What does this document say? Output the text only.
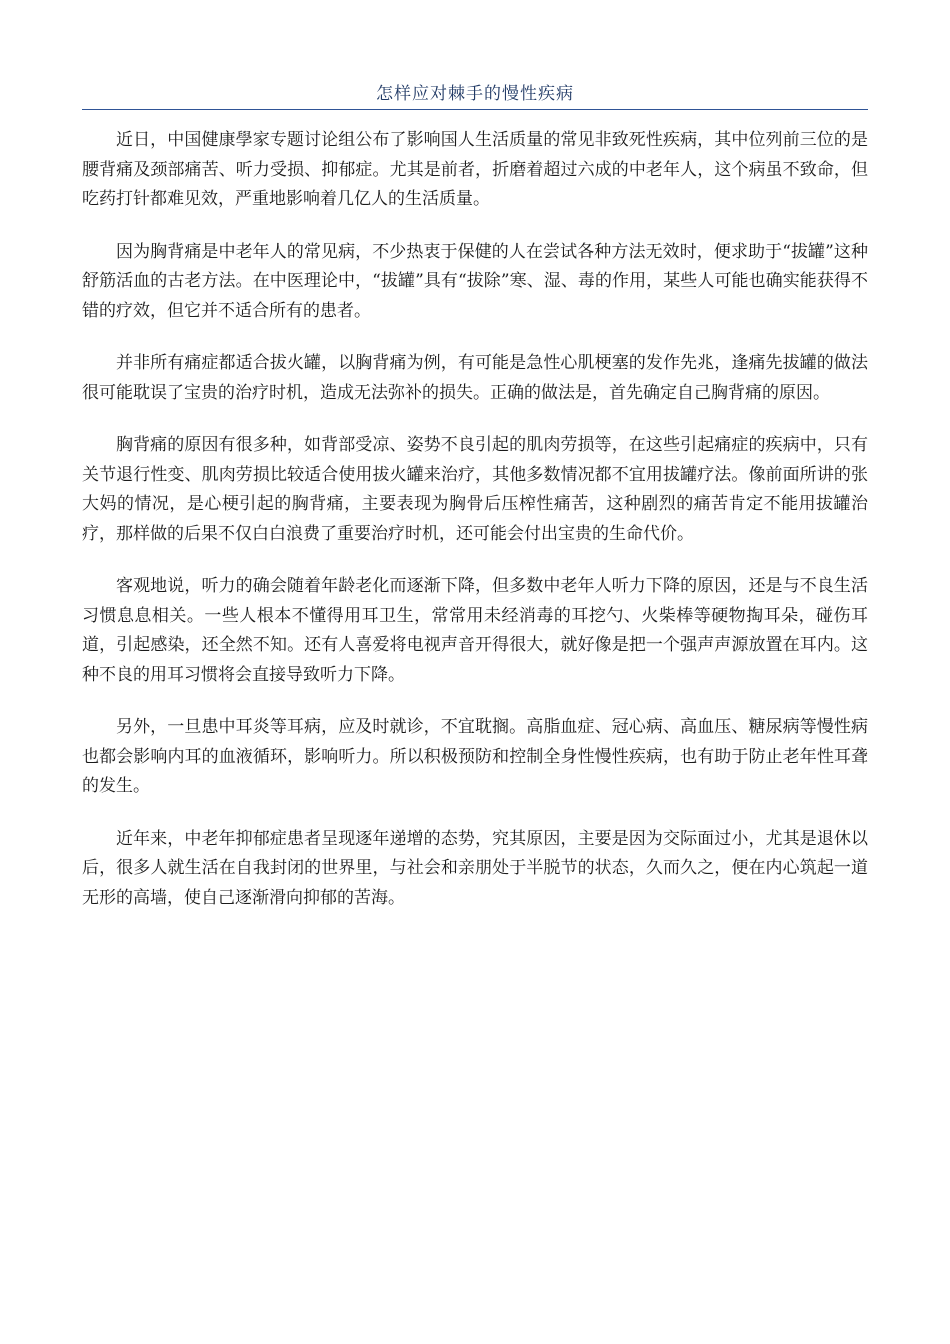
怎样应对棘手的慢性疾病

近日，中国健康學家专题讨论组公布了影响国人生活质量的常见非致死性疾病，其中位列前三位的是腰背痛及颈部痛苦、听力受损、抑郁症。尤其是前者，折磨着超过六成的中老年人，这个病虽不致命，但吃药打针都难见效，严重地影响着几亿人的生活质量。

因为胸背痛是中老年人的常见病，不少热衷于保健的人在尝试各种方法无效时，便求助于“拔罐”这种舒筋活血的古老方法。在中医理论中，“拔罐”具有“拔除”寒、湿、毒的作用，某些人可能也确实能获得不错的疗效，但它并不适合所有的患者。

并非所有痛症都适合拔火罐，以胸背痛为例，有可能是急性心肌梗塞的发作先兆，逢痛先拔罐的做法很可能耽误了宝贵的治疗时机，造成无法弥补的损失。正确的做法是，首先确定自己胸背痛的原因。

胸背痛的原因有很多种，如背部受凉、姿势不良引起的肌肉劳损等，在这些引起痛症的疾病中，只有关节退行性变、肌肉劳损比较适合使用拔火罐来治疗，其他多数情况都不宜用拔罐疗法。像前面所讲的张大妈的情况，是心梗引起的胸背痛，主要表现为胸骨后压榨性痛苦，这种剧烈的痛苦肯定不能用拔罐治疗，那样做的后果不仅白白浪费了重要治疗时机，还可能会付出宝贵的生命代价。

客观地说，听力的确会随着年龄老化而逐渐下降，但多数中老年人听力下降的原因，还是与不良生活习惯息息相关。一些人根本不懂得用耳卫生，常常用未经消毒的耳挖勺、火柴棒等硬物掏耳朵，碰伤耳道，引起感染，还全然不知。还有人喜爱将电视声音开得很大，就好像是把一个强声声源放置在耳内。这种不良的用耳习惯将会直接导致听力下降。

另外，一旦患中耳炎等耳病，应及时就诊，不宜耽搁。高脂血症、冠心病、高血压、糖尿病等慢性病也都会影响内耳的血液循环，影响听力。所以积极预防和控制全身性慢性疾病，也有助于防止老年性耳聋的发生。

近年来，中老年抑郁症患者呈现逐年递增的态势，究其原因，主要是因为交际面过小，尤其是退休以后，很多人就生活在自我封闭的世界里，与社会和亲朋处于半脱节的状态，久而久之，便在内心筑起一道无形的高墙，使自己逐渐滑向抑郁的苦海。
